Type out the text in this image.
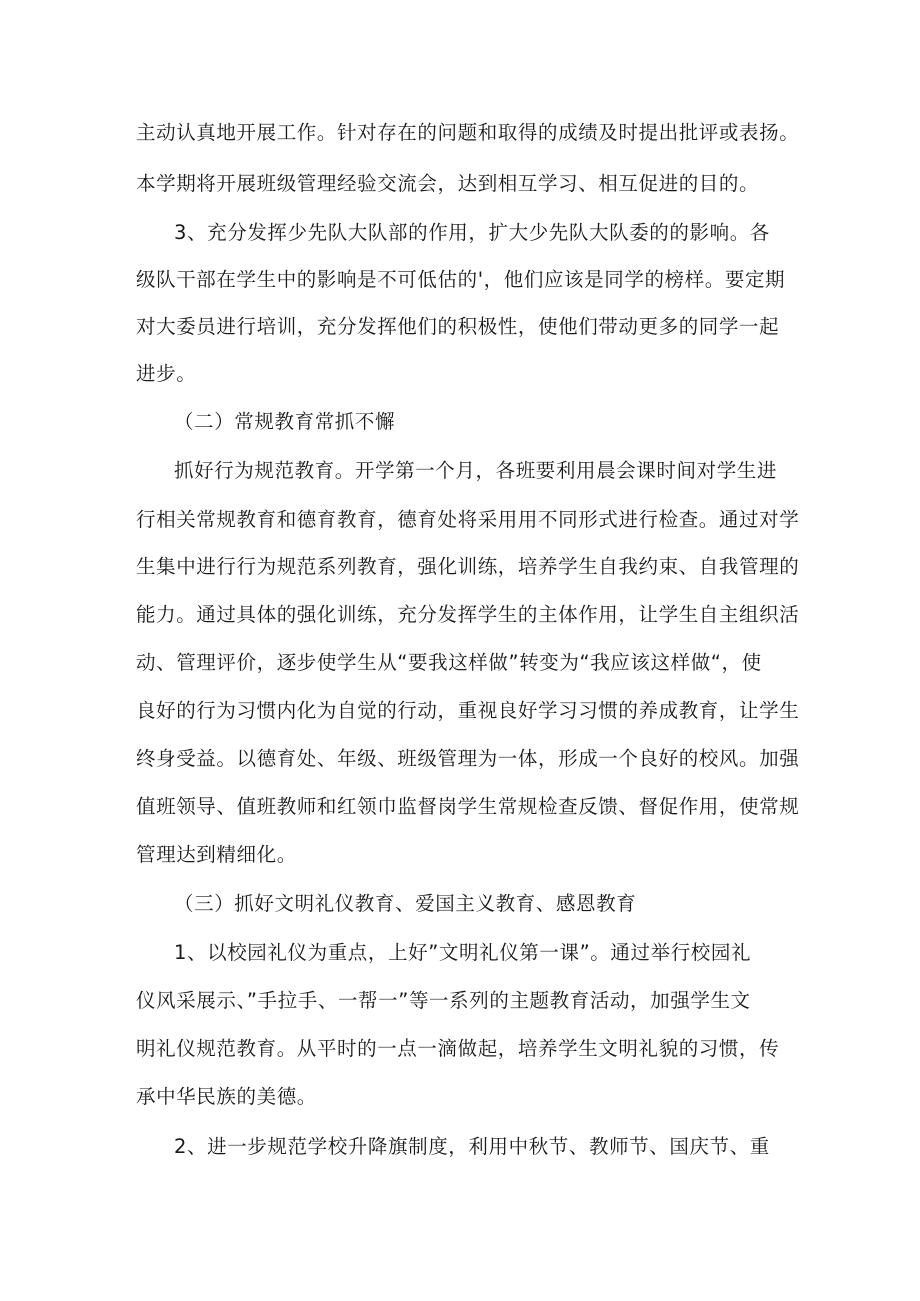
主动认真地开展工作。针对存在的问题和取得的成绩及时提出批评或表扬。
本学期将开展班级管理经验交流会，达到相互学习、相互促进的目的。
3、充分发挥少先队大队部的作用，扩大少先队大队委的的影响。各
级队干部在学生中的影响是不可低估的'，他们应该是同学的榜样。要定期
对大委员进行培训，充分发挥他们的积极性，使他们带动更多的同学一起
进步。
（二）常规教育常抓不懈
抓好行为规范教育。开学第一个月，各班要利用晨会课时间对学生进
行相关常规教育和德育教育，德育处将采用用不同形式进行检查。通过对学
生集中进行行为规范系列教育，强化训练，培养学生自我约束、自我管理的
能力。通过具体的强化训练，充分发挥学生的主体作用，让学生自主组织活
动、管理评价，逐步使学生从“要我这样做”转变为“我应该这样做“，使
良好的行为习惯内化为自觉的行动，重视良好学习习惯的养成教育，让学生
终身受益。以德育处、年级、班级管理为一体，形成一个良好的校风。加强
值班领导、值班教师和红领巾监督岗学生常规检查反馈、督促作用，使常规
管理达到精细化。
（三）抓好文明礼仪教育、爱国主义教育、感恩教育
1、以校园礼仪为重点，上好”文明礼仪第一课”。通过举行校园礼
仪风采展示、”手拉手、一帮一”等一系列的主题教育活动，加强学生文
明礼仪规范教育。从平时的一点一滴做起，培养学生文明礼貌的习惯，传
承中华民族的美德。
2、进一步规范学校升降旗制度，利用中秋节、教师节、国庆节、重
